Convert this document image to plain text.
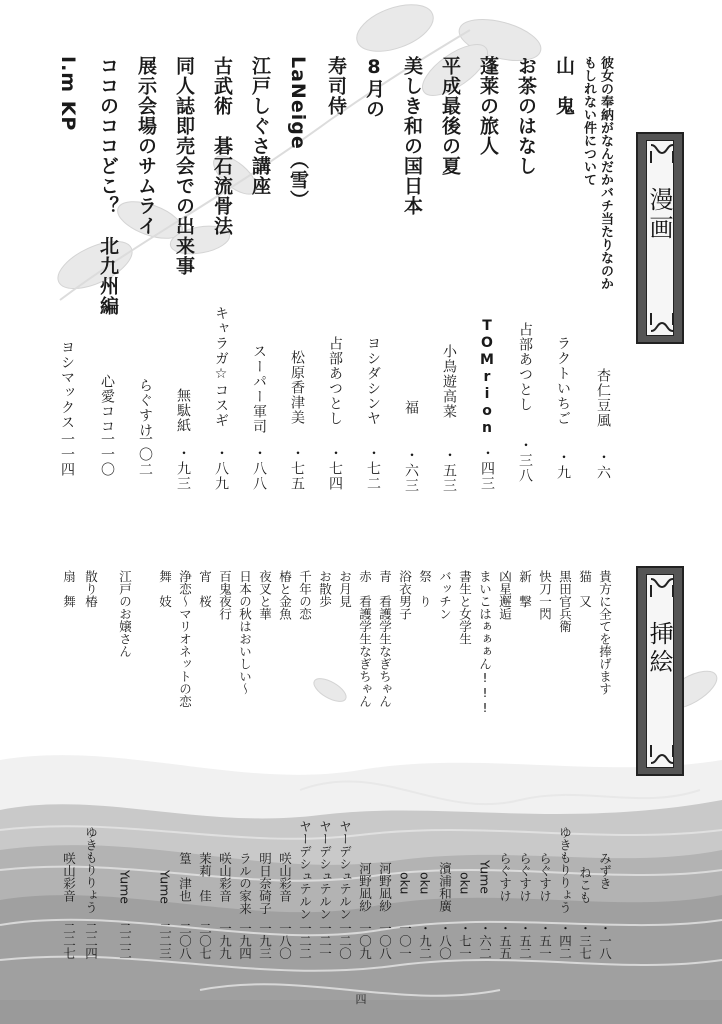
漫画
挿絵
彼女の奉納がなんだかバチ当たりなのかもしれない件について
杏仁豆風
・六
山　鬼
ラクトいちご
・九
お茶のはなし
占部あつとし
・三八
蓬莱の旅人
TOMrion
・四三
平成最後の夏
小鳥遊高菜
・五三
美しき和の国日本
福
・六三
8月の
ヨシダシンヤ
・七二
寿司侍
占部あつとし
・七四
LaNeige（雪）
松原香津美
・七五
江戸しぐさ講座
スーパー軍司
・八八
古武術　碁石流骨法
キャラガ☆コスギ
・八九
同人誌即売会での出来事
無駄紙
・九三
展示会場のサムライ
らぐすけ
一〇二
ココのココどこ？　北九州編
心愛ココ
一一〇
I.m KP
ヨシマックス
一一四
貴方に全てを捧げます
みずき
・一八
猫　又
ねこも
・三七
黒田官兵衛
ゆきもりりょう
・四二
快刀一閃
らぐすけ
・五一
新　撃
らぐすけ
・五二
凶星邂逅
らぐすけ
・五五
まいこはぁぁぁん!!!
Yume
・六二
書生と女学生
oku
・七一
バッチン
濱浦和廣
・八〇
祭　り
oku
・九二
浴衣男子
oku
一〇一
青　看護学生なぎちゃん
河野凪紗
一〇八
赤　看護学生なぎちゃん
河野凪紗
一〇九
お月見
ヤーデシュテルン
一二〇
お散歩
ヤーデシュテルン
一二一
千年の恋
ヤーデシュテルン
一二二
椿と金魚
咲山彩音
一八〇
夜叉と華
明日奈碕子
一九三
日本の秋はおいしい～
ラルの家来
一九四
百鬼夜行
咲山彩音
一九九
宵　桜
茉莉　佳
二〇七
浄恋～マリオネットの恋
篁　津也
二〇八
舞　妓
Yume
二二三
江戸のお嬢さん
Yume
二二二
散り椿
ゆきもりりょう
二二四
扇　舞
咲山彩音
二二七
四
